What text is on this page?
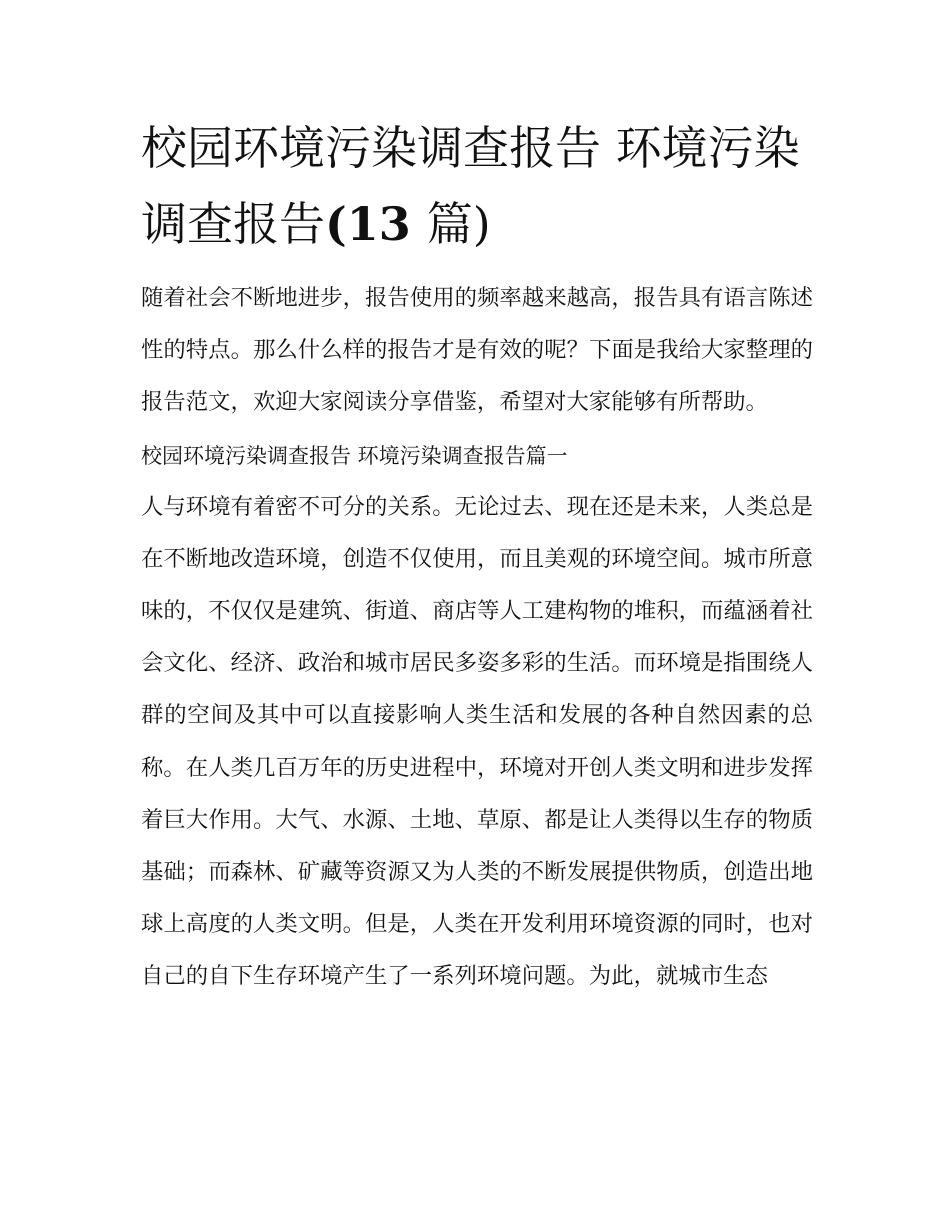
校园环境污染调查报告 环境污染调查报告(13 篇)

随着社会不断地进步，报告使用的频率越来越高，报告具有语言陈述性的特点。那么什么样的报告才是有效的呢？下面是我给大家整理的报告范文，欢迎大家阅读分享借鉴，希望对大家能够有所帮助。

校园环境污染调查报告 环境污染调查报告篇一

人与环境有着密不可分的关系。无论过去、现在还是未来，人类总是在不断地改造环境，创造不仅使用，而且美观的环境空间。城市所意味的，不仅仅是建筑、街道、商店等人工建构物的堆积，而蕴涵着社会文化、经济、政治和城市居民多姿多彩的生活。而环境是指围绕人群的空间及其中可以直接影响人类生活和发展的各种自然因素的总称。在人类几百万年的历史进程中，环境对开创人类文明和进步发挥着巨大作用。大气、水源、土地、草原、都是让人类得以生存的物质基础；而森林、矿藏等资源又为人类的不断发展提供物质，创造出地球上高度的人类文明。但是，人类在开发利用环境资源的同时，也对自己的自下生存环境产生了一系列环境问题。为此，就城市生态
